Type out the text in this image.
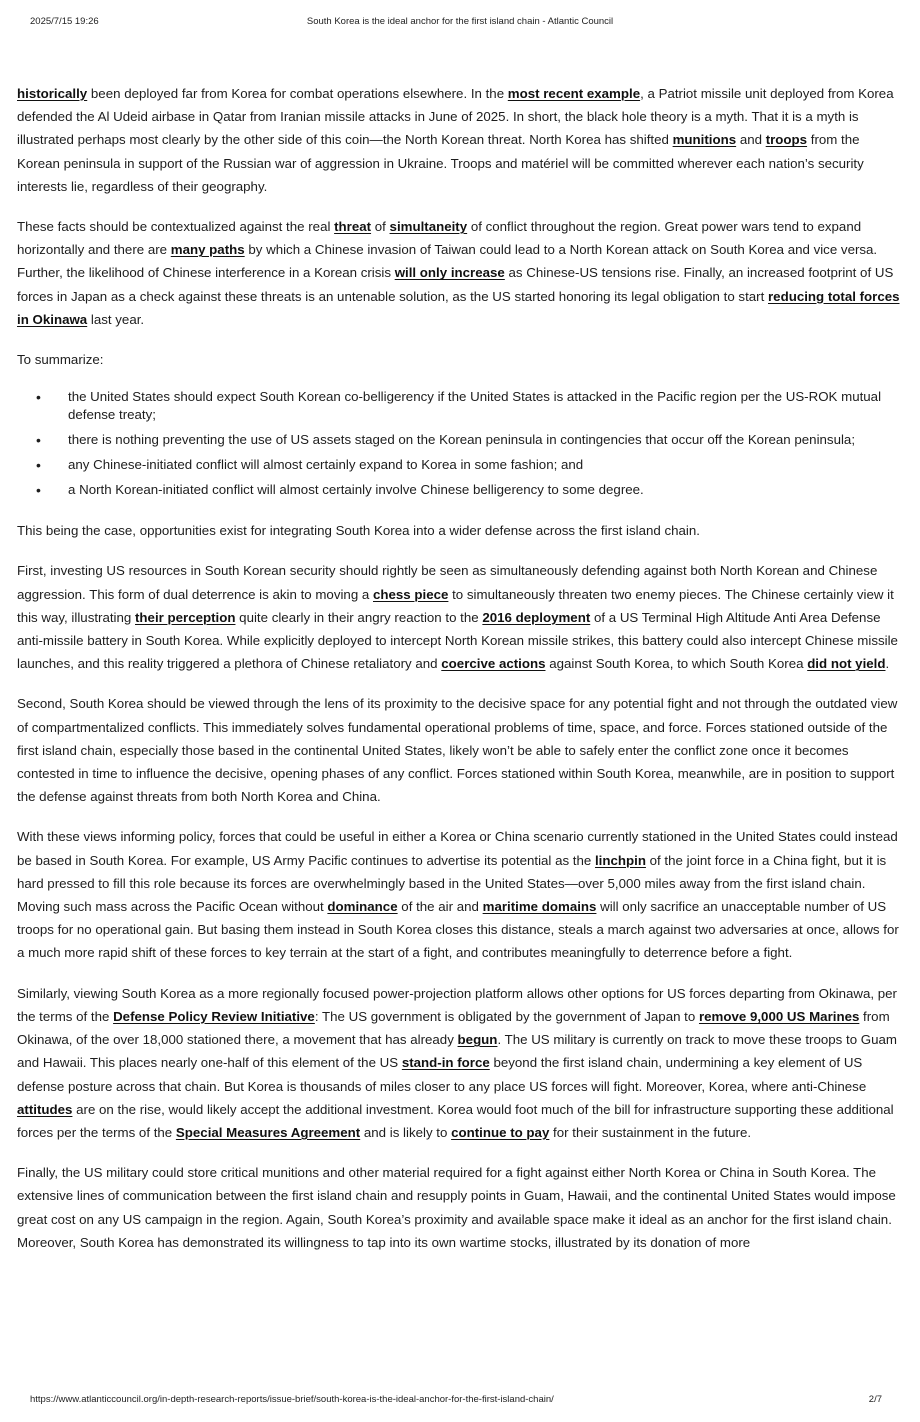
2025/7/15 19:26	South Korea is the ideal anchor for the first island chain - Atlantic Council

historically been deployed far from Korea for combat operations elsewhere. In the most recent example, a Patriot missile unit deployed from Korea defended the Al Udeid airbase in Qatar from Iranian missile attacks in June of 2025. In short, the black hole theory is a myth. That it is a myth is illustrated perhaps most clearly by the other side of this coin—the North Korean threat. North Korea has shifted munitions and troops from the Korean peninsula in support of the Russian war of aggression in Ukraine. Troops and matériel will be committed wherever each nation’s security interests lie, regardless of their geography.

These facts should be contextualized against the real threat of simultaneity of conflict throughout the region. Great power wars tend to expand horizontally and there are many paths by which a Chinese invasion of Taiwan could lead to a North Korean attack on South Korea and vice versa. Further, the likelihood of Chinese interference in a Korean crisis will only increase as Chinese-US tensions rise. Finally, an increased footprint of US forces in Japan as a check against these threats is an untenable solution, as the US started honoring its legal obligation to start reducing total forces in Okinawa last year.

To summarize:

• the United States should expect South Korean co-belligerency if the United States is attacked in the Pacific region per the US-ROK mutual defense treaty;
• there is nothing preventing the use of US assets staged on the Korean peninsula in contingencies that occur off the Korean peninsula;
• any Chinese-initiated conflict will almost certainly expand to Korea in some fashion; and
• a North Korean-initiated conflict will almost certainly involve Chinese belligerency to some degree.

This being the case, opportunities exist for integrating South Korea into a wider defense across the first island chain.

First, investing US resources in South Korean security should rightly be seen as simultaneously defending against both North Korean and Chinese aggression. This form of dual deterrence is akin to moving a chess piece to simultaneously threaten two enemy pieces. The Chinese certainly view it this way, illustrating their perception quite clearly in their angry reaction to the 2016 deployment of a US Terminal High Altitude Anti Area Defense anti-missile battery in South Korea. While explicitly deployed to intercept North Korean missile strikes, this battery could also intercept Chinese missile launches, and this reality triggered a plethora of Chinese retaliatory and coercive actions against South Korea, to which South Korea did not yield.

Second, South Korea should be viewed through the lens of its proximity to the decisive space for any potential fight and not through the outdated view of compartmentalized conflicts. This immediately solves fundamental operational problems of time, space, and force. Forces stationed outside of the first island chain, especially those based in the continental United States, likely won’t be able to safely enter the conflict zone once it becomes contested in time to influence the decisive, opening phases of any conflict. Forces stationed within South Korea, meanwhile, are in position to support the defense against threats from both North Korea and China.

With these views informing policy, forces that could be useful in either a Korea or China scenario currently stationed in the United States could instead be based in South Korea. For example, US Army Pacific continues to advertise its potential as the linchpin of the joint force in a China fight, but it is hard pressed to fill this role because its forces are overwhelmingly based in the United States—over 5,000 miles away from the first island chain. Moving such mass across the Pacific Ocean without dominance of the air and maritime domains will only sacrifice an unacceptable number of US troops for no operational gain. But basing them instead in South Korea closes this distance, steals a march against two adversaries at once, allows for a much more rapid shift of these forces to key terrain at the start of a fight, and contributes meaningfully to deterrence before a fight.

Similarly, viewing South Korea as a more regionally focused power-projection platform allows other options for US forces departing from Okinawa, per the terms of the Defense Policy Review Initiative: The US government is obligated by the government of Japan to remove 9,000 US Marines from Okinawa, of the over 18,000 stationed there, a movement that has already begun. The US military is currently on track to move these troops to Guam and Hawaii. This places nearly one-half of this element of the US stand-in force beyond the first island chain, undermining a key element of US defense posture across that chain. But Korea is thousands of miles closer to any place US forces will fight. Moreover, Korea, where anti-Chinese attitudes are on the rise, would likely accept the additional investment. Korea would foot much of the bill for infrastructure supporting these additional forces per the terms of the Special Measures Agreement and is likely to continue to pay for their sustainment in the future.

Finally, the US military could store critical munitions and other material required for a fight against either North Korea or China in South Korea. The extensive lines of communication between the first island chain and resupply points in Guam, Hawaii, and the continental United States would impose great cost on any US campaign in the region. Again, South Korea’s proximity and available space make it ideal as an anchor for the first island chain. Moreover, South Korea has demonstrated its willingness to tap into its own wartime stocks, illustrated by its donation of more

https://www.atlanticcouncil.org/in-depth-research-reports/issue-brief/south-korea-is-the-ideal-anchor-for-the-first-island-chain/	2/7
